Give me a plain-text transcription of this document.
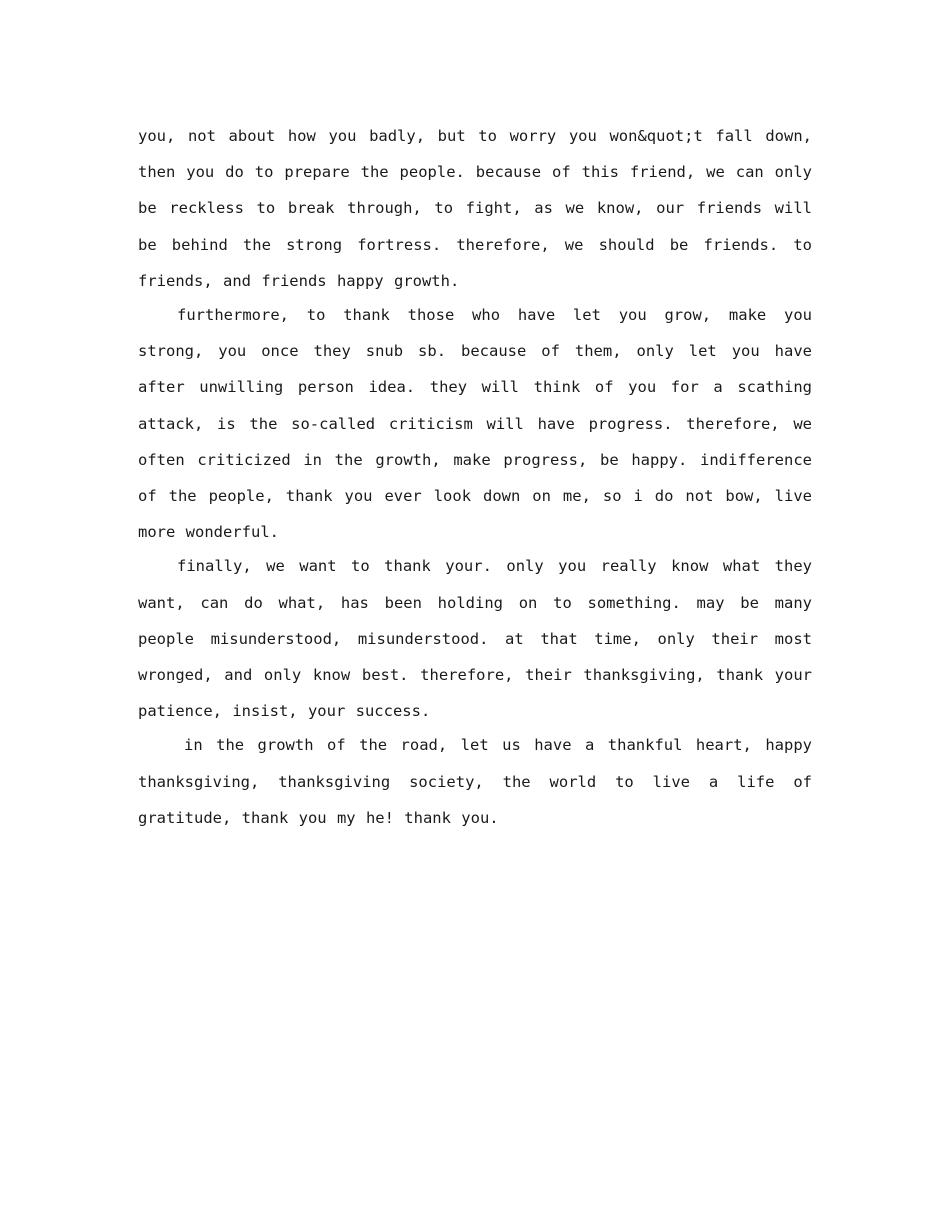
you, not about how you badly, but to worry you won&quot;t fall down, then you do to prepare the people. because of this friend, we can only be reckless to break through, to fight, as we know, our friends will be behind the strong fortress. therefore, we should be friends. to friends, and friends happy growth.

furthermore, to thank those who have let you grow, make you strong, you once they snub sb. because of them, only let you have after unwilling person idea. they will think of you for a scathing attack, is the so-called criticism will have progress. therefore, we often criticized in the growth, make progress, be happy. indifference of the people, thank you ever look down on me, so i do not bow, live more wonderful.

finally, we want to thank your. only you really know what they want, can do what, has been holding on to something. may be many people misunderstood, misunderstood. at that time, only their most wronged, and only know best. therefore, their thanksgiving, thank your patience, insist, your success.

in the growth of the road, let us have a thankful heart, happy thanksgiving, thanksgiving society, the world to live a life of gratitude, thank you my he! thank you.
